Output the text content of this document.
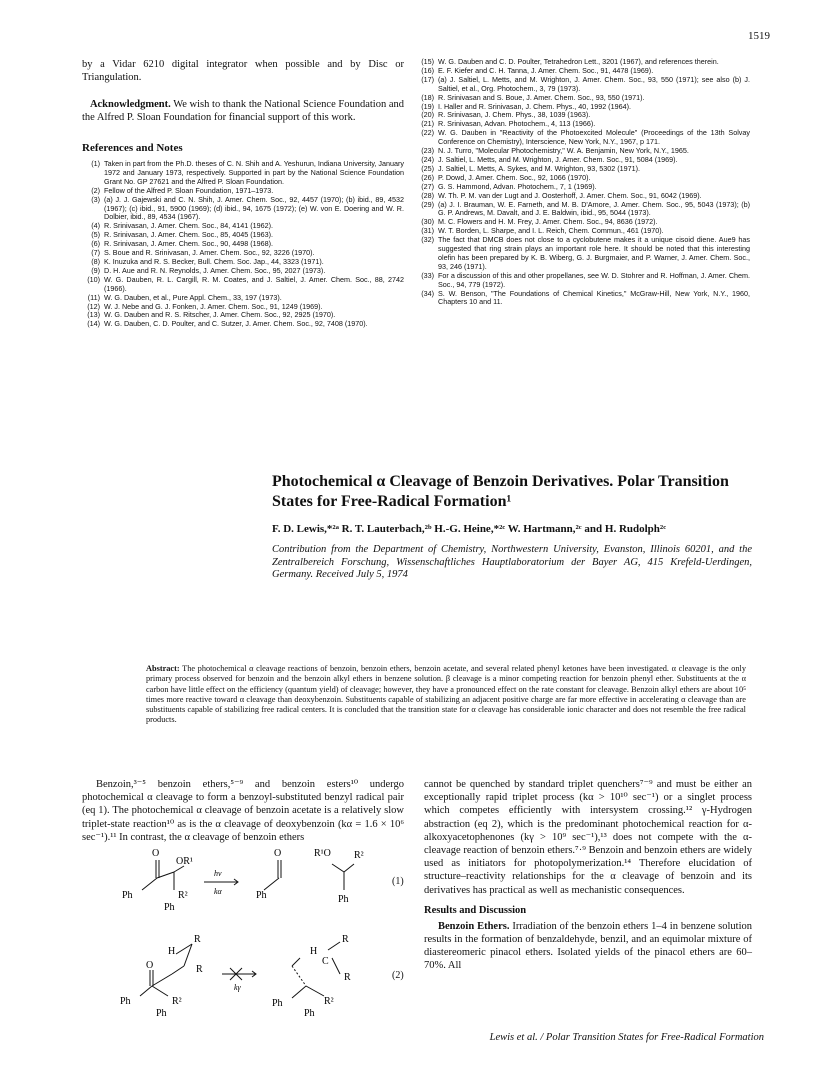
1519

by a Vidar 6210 digital integrator when possible and by Disc or Triangulation.

Acknowledgment. We wish to thank the National Science Foundation and the Alfred P. Sloan Foundation for financial support of this work.

References and Notes
(1) Taken in part from the Ph.D. theses of C. N. Shih and A. Yeshurun, Indiana University, January 1972 and January 1973, respectively. Supported in part by the National Science Foundation Grant No. GP 27621 and the Alfred P. Sloan Foundation.
(2) Fellow of the Alfred P. Sloan Foundation, 1971–1973.
(3) (a) J. J. Gajewski and C. N. Shih, J. Amer. Chem. Soc., 92, 4457 (1970); (b) ibid., 89, 4532 (1967); (c) ibid., 91, 5900 (1969); (d) ibid., 94, 1675 (1972); (e) W. von E. Doering and W. R. Dolbier, ibid., 89, 4534 (1967).
(4) R. Srinivasan, J. Amer. Chem. Soc., 84, 4141 (1962).
(5) R. Srinivasan, J. Amer. Chem. Soc., 85, 4045 (1963).
(6) R. Srinivasan, J. Amer. Chem. Soc., 90, 4498 (1968).
(7) S. Boue and R. Srinivasan, J. Amer. Chem. Soc., 92, 3226 (1970).
(8) K. Inuzuka and R. S. Becker, Bull. Chem. Soc. Jap., 44, 3323 (1971).
(9) D. H. Aue and R. N. Reynolds, J. Amer. Chem. Soc., 95, 2027 (1973).
(10) W. G. Dauben, R. L. Cargill, R. M. Coates, and J. Saltiel, J. Amer. Chem. Soc., 88, 2742 (1966).
(11) W. G. Dauben, et al., Pure Appl. Chem., 33, 197 (1973).
(12) W. J. Nebe and G. J. Fonken, J. Amer. Chem. Soc., 91, 1249 (1969).
(13) W. G. Dauben and R. S. Ritscher, J. Amer. Chem. Soc., 92, 2925 (1970).
(14) W. G. Dauben, C. D. Poulter, and C. Sutzer, J. Amer. Chem. Soc., 92, 7408 (1970).
(15) W. G. Dauben and C. D. Poulter, Tetrahedron Lett., 3201 (1967), and references therein.
(16) E. F. Kiefer and C. H. Tanna, J. Amer. Chem. Soc., 91, 4478 (1969).
(17) (a) J. Saltiel, L. Metts, and M. Wrighton, J. Amer. Chem. Soc., 93, 550 (1971); see also (b) J. Saltiel, et al., Org. Photochem., 3, 79 (1973).
(18) R. Srinivasan and S. Boue, J. Amer. Chem. Soc., 93, 550 (1971).
(19) I. Haller and R. Srinivasan, J. Chem. Phys., 40, 1992 (1964).
(20) R. Srinivasan, J. Chem. Phys., 38, 1039 (1963).
(21) R. Srinivasan, Advan. Photochem., 4, 113 (1966).
(22) W. G. Dauben in "Reactivity of the Photoexcited Molecule" (Proceedings of the 13th Solvay Conference on Chemistry), Interscience, New York, N.Y., 1967, p 171.
(23) N. J. Turro, "Molecular Photochemistry," W. A. Benjamin, New York, N.Y., 1965.
(24) J. Saltiel, L. Metts, and M. Wrighton, J. Amer. Chem. Soc., 91, 5084 (1969).
(25) J. Saltiel, L. Metts, A. Sykes, and M. Wrighton, 93, 5302 (1971).
(26) P. Dowd, J. Amer. Chem. Soc., 92, 1066 (1970).
(27) G. S. Hammond, Advan. Photochem., 7, 1 (1969).
(28) W. Th. P. M. van der Lugt and J. Oosterhoff, J. Amer. Chem. Soc., 91, 6042 (1969).
(29) (a) J. I. Brauman, W. E. Farneth, and M. B. D'Amore, J. Amer. Chem. Soc., 95, 5043 (1973); (b) G. P. Andrews, M. Davalt, and J. E. Baldwin, ibid., 95, 5044 (1973).
(30) M. C. Flowers and H. M. Frey, J. Amer. Chem. Soc., 94, 8636 (1972).
(31) W. T. Borden, L. Sharpe, and I. L. Reich, Chem. Commun., 461 (1970).
(32) The fact that DMCB does not close to a cyclobutene makes it a unique cisoid diene. Aue9 has suggested that ring strain plays an important role here. It should be noted that this interesting olefin has been prepared by K. B. Wiberg, G. J. Burgmaier, and P. Warner, J. Amer. Chem. Soc., 93, 246 (1971).
(33) For a discussion of this and other propellanes, see W. D. Stohrer and R. Hoffman, J. Amer. Chem. Soc., 94, 779 (1972).
(34) S. W. Benson, "The Foundations of Chemical Kinetics," McGraw-Hill, New York, N.Y., 1960, Chapters 10 and 11.
Photochemical α Cleavage of Benzoin Derivatives. Polar Transition States for Free-Radical Formation¹
F. D. Lewis,*²ᵃ R. T. Lauterbach,²ᵇ H.-G. Heine,*²ᶜ W. Hartmann,²ᶜ and H. Rudolph²ᶜ
Contribution from the Department of Chemistry, Northwestern University, Evanston, Illinois 60201, and the Zentralbereich Forschung, Wissenschaftliches Hauptlaboratorium der Bayer AG, 415 Krefeld-Uerdingen, Germany. Received July 5, 1974

Abstract: The photochemical α cleavage reactions of benzoin, benzoin ethers, benzoin acetate, and several related phenyl ketones have been investigated. α cleavage is the only primary process observed for benzoin and the benzoin alkyl ethers in benzene solution. β cleavage is a minor competing reaction for benzoin phenyl ether. Substituents at the α carbon have little effect on the efficiency (quantum yield) of cleavage; however, they have a pronounced effect on the rate constant for cleavage. Benzoin alkyl ethers are about 10⁵ times more reactive toward α cleavage than deoxybenzoin. Substituents capable of stabilizing an adjacent positive charge are far more effective in accelerating α cleavage than are substituents capable of stabilizing free radical centers. It is concluded that the transition state for α cleavage has considerable ionic character and does not resemble the free radical products.

Benzoin,³⁻⁵ benzoin ethers,⁵⁻⁹ and benzoin esters¹⁰ undergo photochemical α cleavage to form a benzoyl-substituted benzyl radical pair (eq 1). The photochemical α cleavage of benzoin acetate is a relatively slow triplet-state reaction¹⁰ as is the α cleavage of deoxybenzoin (kα = 1.6 × 10⁶ sec⁻¹).¹¹ In contrast, the α cleavage of benzoin ethers

O
OR¹
Ph	R²
Ph
hν
kα
O
Ph
R¹O R²
Ph
(1)
H
R
R
O
Ph	R²
Ph
kγ
H
C
R
R
Ph	R²
Ph
(2)

cannot be quenched by standard triplet quenchers⁷⁻⁹ and must be either an exceptionally rapid triplet process (kα > 10¹⁰ sec⁻¹) or a singlet process which competes efficiently with intersystem crossing.¹² γ-Hydrogen abstraction (eq 2), which is the predominant photochemical reaction for α-alkoxyacetophenones (kγ > 10⁹ sec⁻¹),¹³ does not compete with the α-cleavage reaction of benzoin ethers.⁷·⁹ Benzoin and benzoin ethers are widely used as initiators for photopolymerization.¹⁴ Therefore elucidation of structure–reactivity relationships for the α cleavage of benzoin and its derivatives has practical as well as mechanistic consequences.

Results and Discussion

Benzoin Ethers. Irradiation of the benzoin ethers 1–4 in benzene solution results in the formation of benzaldehyde, benzil, and an equimolar mixture of diastereomeric pinacol ethers. Isolated yields of the pinacol ethers are 60–70%. All

Lewis et al. / Polar Transition States for Free-Radical Formation
